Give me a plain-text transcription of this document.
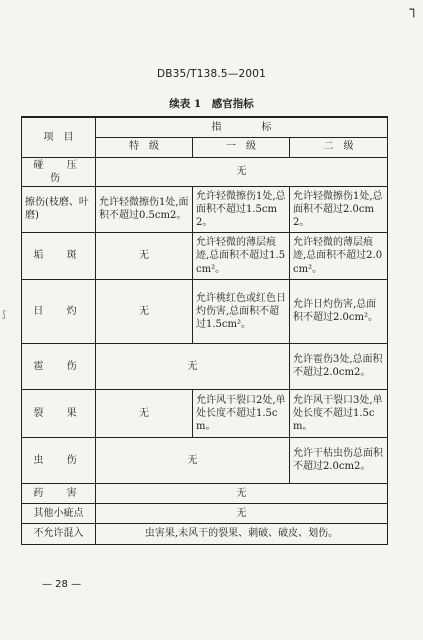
┐
ʃ
DB35/T138.5—2001
续表 1　感官指标
项　目	指　　　　标		
	特　级	一　级	二　级
碰 压 伤	无		
擦伤(枝磨、叶磨)	允许轻微擦伤1处,面积不超过0.5cm2。	允许轻微擦伤1处,总面积不超过1.5cm2。	允许轻微擦伤1处,总面积不超过2.0cm2。
垢 斑	无	允许轻微的薄层痕迹,总面积不超过1.5cm²。	允许轻微的薄层痕迹,总面积不超过2.0cm²。
日 灼	无	允许桃红色或红色日灼伤害,总面积不超过1.5cm²。	允许日灼伤害,总面积不超过2.0cm²。
雹 伤	无		允许雹伤3处,总面积不超过2.0cm2。
裂 果	无	允许风干裂口2处,单处长度不超过1.5cm。	允许风干裂口3处,单处长度不超过1.5cm。
虫 伤	无		允许干枯虫伤总面积不超过2.0cm2。
药 害	无		
其他小疵点	无		
不允许混入	虫害果,未风干的裂果、刺破、破皮、划伤。		
— 28 —
